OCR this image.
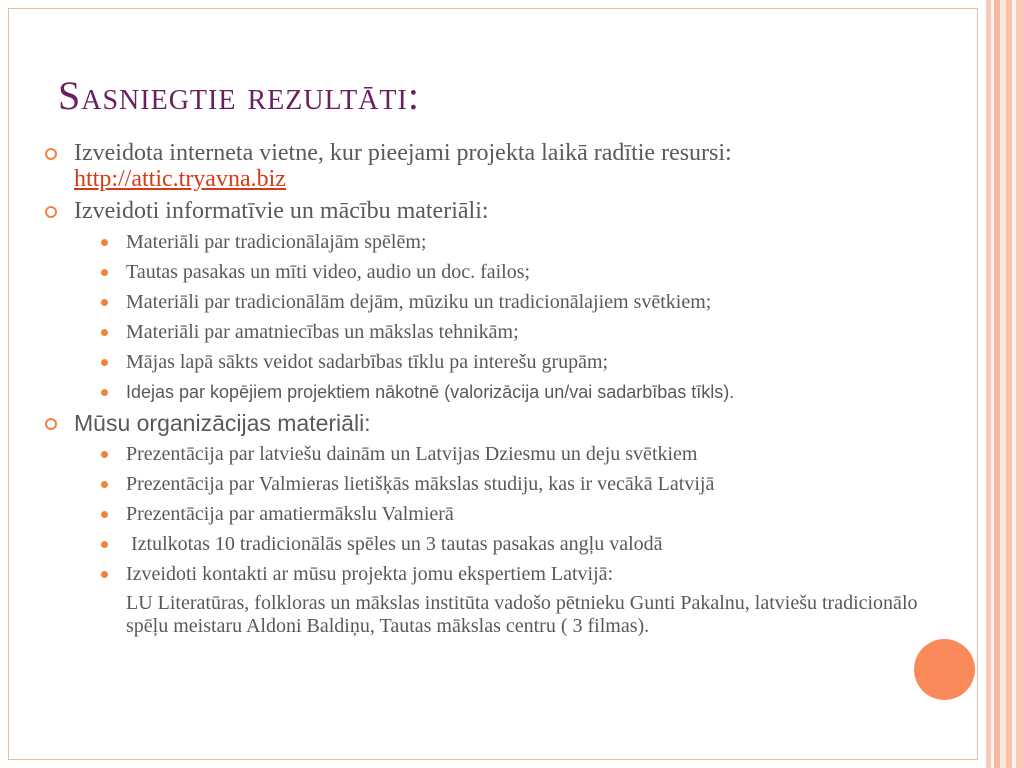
Sasniegtie rezultāti:
Izveidota interneta vietne, kur pieejami projekta laikā radītie resursi: http://attic.tryavna.biz
Izveidoti informatīvie un mācību materiāli:
Materiāli par tradicionālajām spēlēm;
Tautas pasakas un mīti video, audio un doc. failos;
Materiāli par tradicionālām dejām, mūziku un tradicionālajiem svētkiem;
Materiāli par amatniecības un mākslas tehnikām;
Mājas lapā sākts veidot sadarbības tīklu pa interešu grupām;
Idejas par kopējiem projektiem nākotnē (valorizācija un/vai sadarbības tīkls).
Mūsu organizācijas materiāli:
Prezentācija par latviešu dainām un Latvijas Dziesmu un deju svētkiem
Prezentācija par Valmieras lietišķās mākslas studiju, kas ir vecākā Latvijā
Prezentācija par amatiermākslu Valmierā
Iztulkotas 10 tradicionālās spēles un 3 tautas pasakas angļu valodā
Izveidoti kontakti ar mūsu projekta jomu ekspertiem Latvijā:
LU Literatūras, folkloras un mākslas institūta vadošo pētnieku Gunti Pakalnu, latviešu tradicionālo spēļu meistaru Aldoni Baldiņu, Tautas mākslas centru ( 3 filmas).
